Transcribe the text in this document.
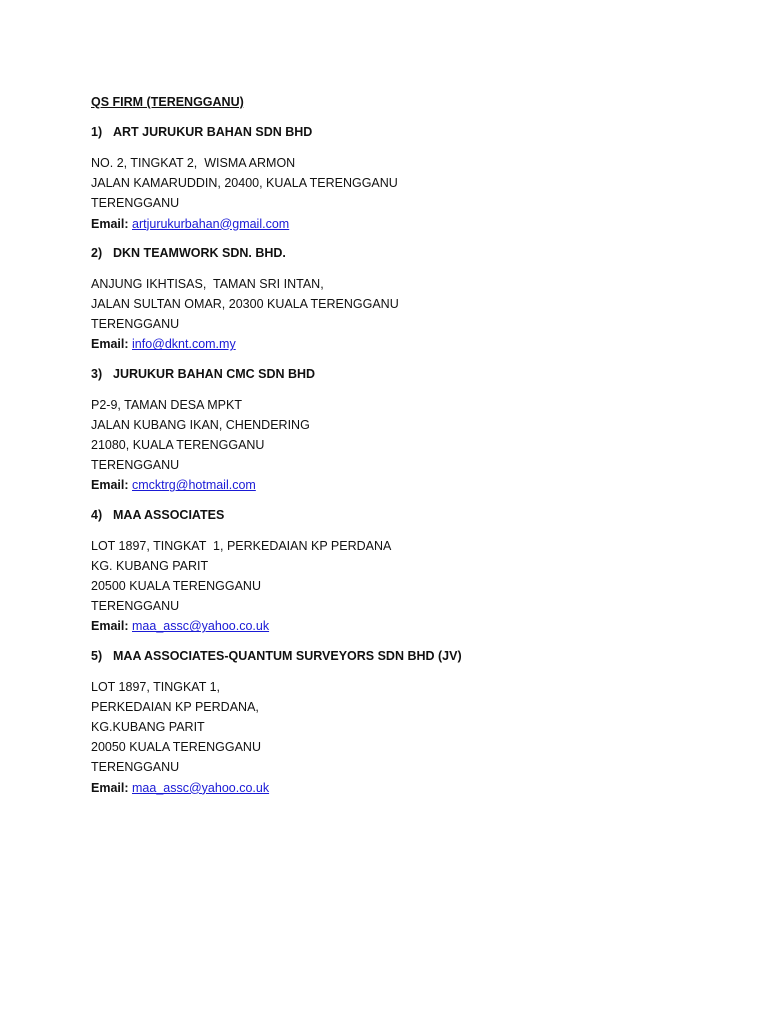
QS FIRM (TERENGGANU)
1) ART JURUKUR BAHAN SDN BHD
NO. 2, TINGKAT 2,  WISMA ARMON
JALAN KAMARUDDIN, 20400, KUALA TERENGGANU
TERENGGANU
Email: artjurukurbahan@gmail.com
2) DKN TEAMWORK SDN. BHD.
ANJUNG IKHTISAS,  TAMAN SRI INTAN,
JALAN SULTAN OMAR, 20300 KUALA TERENGGANU
TERENGGANU
Email: info@dknt.com.my
3) JURUKUR BAHAN CMC SDN BHD
P2-9, TAMAN DESA MPKT
JALAN KUBANG IKAN, CHENDERING
21080, KUALA TERENGGANU
TERENGGANU
Email: cmcktrg@hotmail.com
4) MAA ASSOCIATES
LOT 1897, TINGKAT  1, PERKEDAIAN KP PERDANA
KG. KUBANG PARIT
20500 KUALA TERENGGANU
TERENGGANU
Email: maa_assc@yahoo.co.uk
5) MAA ASSOCIATES-QUANTUM SURVEYORS SDN BHD (JV)
LOT 1897, TINGKAT 1,
PERKEDAIAN KP PERDANA,
KG.KUBANG PARIT
20050 KUALA TERENGGANU
TERENGGANU
Email: maa_assc@yahoo.co.uk
